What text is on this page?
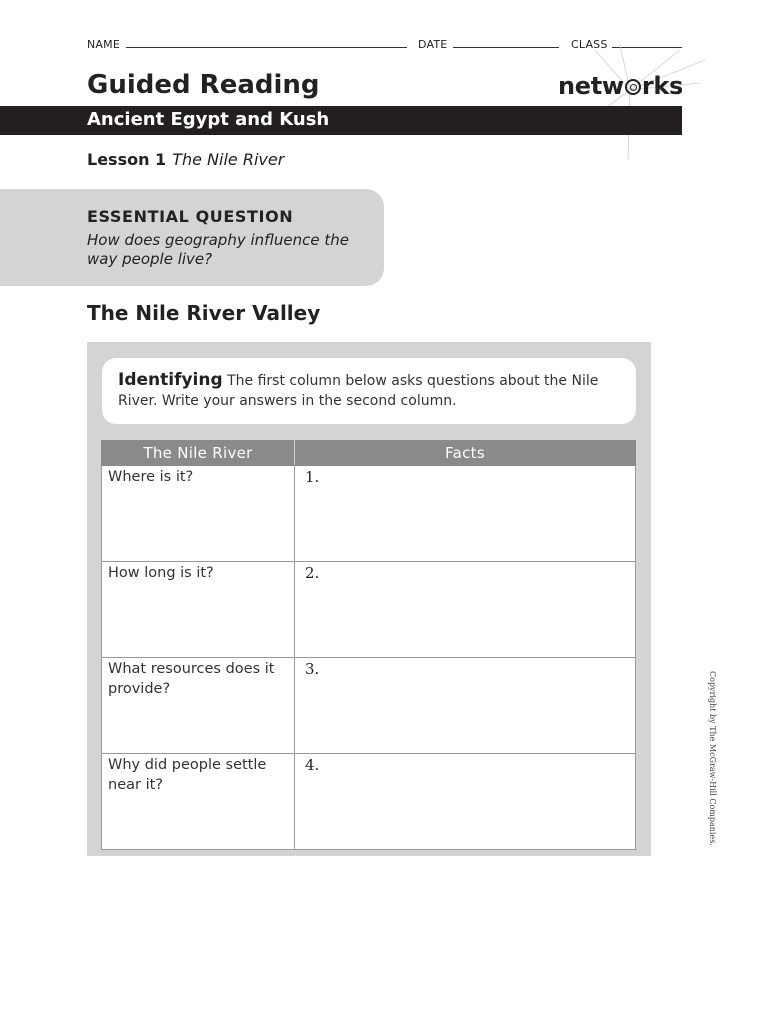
NAME	DATE	CLASS
Guided Reading	netw rks
Ancient Egypt and Kush
Lesson 1 The Nile River
ESSENTIAL QUESTION
How does geography influence the way people live?
The Nile River Valley
Identifying The first column below asks questions about the Nile River. Write your answers in the second column.
The Nile River	Facts
Where is it?	1.
How long is it?	2.
What resources does it provide?	3.
Why did people settle near it?	4.	Copyright by The McGraw-Hill Companies.
